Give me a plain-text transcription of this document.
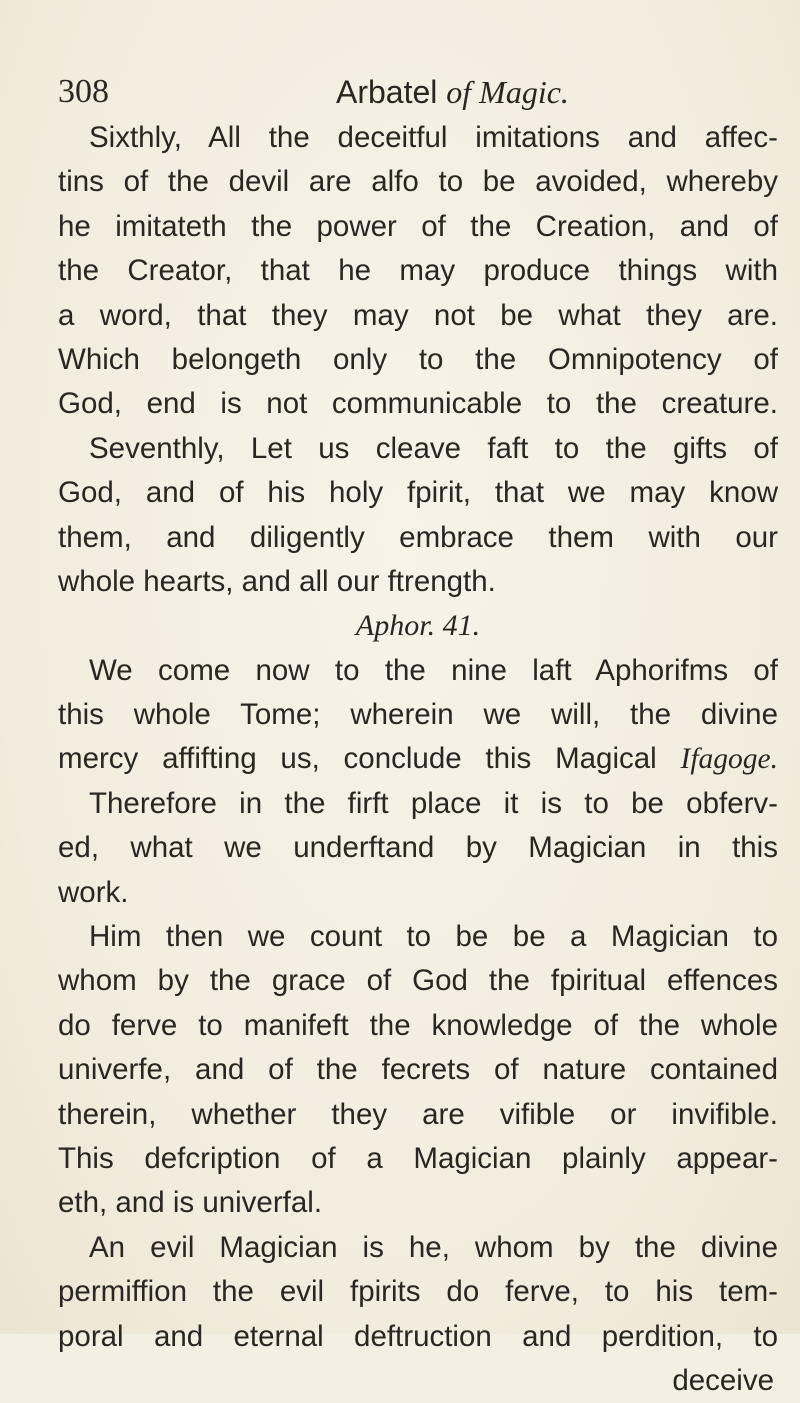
308	Arbatel of Magic.
Sixthly, All the deceitful imitations and affec-
tins of the devil are alfo to be avoided, whereby
he imitateth the power of the Creation, and of
the Creator, that he may produce things with
a word, that they may not be what they are.
Which belongeth only to the Omnipotency of
God, end is not communicable to the creature.
Seventhly, Let us cleave faft to the gifts of
God, and of his holy fpirit, that we may know
them, and diligently embrace them with our
whole hearts, and all our ftrength.
Aphor. 41.
We come now to the nine laft Aphorifms of
this whole Tome; wherein we will, the divine
mercy affifting us, conclude this Magical Ifagoge.
Therefore in the firft place it is to be obferv-
ed, what we underftand by Magician in this
work.
Him then we count to be be a Magician to
whom by the grace of God the fpiritual effences
do ferve to manifeft the knowledge of the whole
univerfe, and of the fecrets of nature contained
therein, whether they are vifible or invifible.
This defcription of a Magician plainly appear-
eth, and is univerfal.
An evil Magician is he, whom by the divine
permiffion the evil fpirits do ferve, to his tem-
poral and eternal deftruction and perdition, to
deceive
